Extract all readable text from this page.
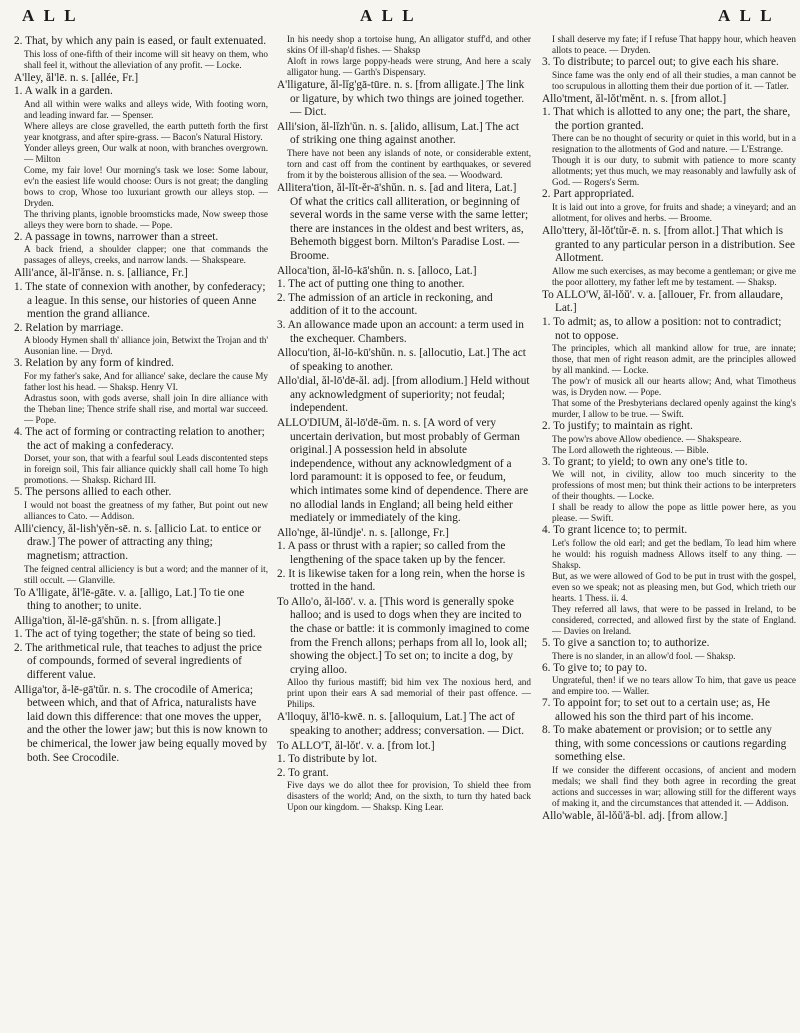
A L L	A L L	A L L

2. That, by which any pain is eased, or fault extenuated.

This loss of one-fifth of their income will sit heavy on them, who shall feel it, without the alleviation of any profit. — Locke.

A'lley, ăl'lē. n. s. [allée, Fr.]

1. A walk in a garden.

And all within were walks and alleys wide, With footing worn, and leading inward far. — Spenser.

Where alleys are close gravelled, the earth putteth forth the first year knotgrass, and after spire-grass. — Bacon's Natural History.

Yonder alleys green, Our walk at noon, with branches overgrown. — Milton

Come, my fair love! Our morning's task we lose: Some labour, ev'n the easiest life would choose: Ours is not great; the dangling bows to crop, Whose too luxuriant growth our alleys stop. — Dryden.

The thriving plants, ignoble broomsticks made, Now sweep those alleys they were born to shade. — Pope.

2. A passage in towns, narrower than a street.

A back friend, a shoulder clapper; one that commands the passages of alleys, creeks, and narrow lands. — Shakspeare.

Alli'ance, ăl-lī'ănse. n. s. [alliance, Fr.]

1. The state of connexion with another, by confederacy; a league. In this sense, our histories of queen Anne mention the grand alliance.

2. Relation by marriage.

A bloody Hymen shall th' alliance join, Betwixt the Trojan and th' Ausonian line. — Dryd.

3. Relation by any form of kindred.

For my father's sake, And for alliance' sake, declare the cause My father lost his head. — Shaksp. Henry VI.

Adrastus soon, with gods averse, shall join In dire alliance with the Theban line; Thence strife shall rise, and mortal war succeed. — Pope.

4. The act of forming or contracting relation to another; the act of making a confederacy.

Dorset, your son, that with a fearful soul Leads discontented steps in foreign soil, This fair alliance quickly shall call home To high promotions. — Shaksp. Richard III.

5. The persons allied to each other.

I would not boast the greatness of my father, But point out new alliances to Cato. — Addison.

Alli'ciency, ăl-lish'yĕn-sē. n. s. [allicio Lat. to entice or draw.] The power of attracting any thing; magnetism; attraction.

The feigned central alliciency is but a word; and the manner of it, still occult. — Glanville.

To A'lligate, ăl'lē-gāte. v. a. [alligo, Lat.] To tie one thing to another; to unite.

Alliga'tion, ăl-lē-gā'shŭn. n. s. [from alligate.]

1. The act of tying together; the state of being so tied.

2. The arithmetical rule, that teaches to adjust the price of compounds, formed of several ingredients of different value.

Alliga'tor, ă-lē-gā'tŭr. n. s. The crocodile of America; between which, and that of Africa, naturalists have laid down this difference: that one moves the upper, and the other the lower jaw; but this is now known to be chimerical, the lower jaw being equally moved by both. See Crocodile.

In his needy shop a tortoise hung, An alligator stuff'd, and other skins Of ill-shap'd fishes. — Shaksp

Aloft in rows large poppy-heads were strung, And here a scaly alligator hung. — Garth's Dispensary.

A'lligature, ăl-lĭg'gā-tūre. n. s. [from alligate.] The link or ligature, by which two things are joined together. — Dict.

Alli'sion, ăl-lĭzh'ŭn. n. s. [alido, allisum, Lat.] The act of striking one thing against another.

There have not been any islands of note, or considerable extent, torn and cast off from the continent by earthquakes, or severed from it by the boisterous allision of the sea. — Woodward.

Allitera'tion, ăl-lĭt-ĕr-ā'shŭn. n. s. [ad and litera, Lat.] Of what the critics call alliteration, or beginning of several words in the same verse with the same letter; there are instances in the oldest and best writers, as, Behemoth biggest born. Milton's Paradise Lost. — Broome.

Alloca'tion, ăl-lō-kā'shŭn. n. s. [alloco, Lat.]

1. The act of putting one thing to another.

2. The admission of an article in reckoning, and addition of it to the account.

3. An allowance made upon an account: a term used in the exchequer. Chambers.

Allocu'tion, ăl-lō-kū'shŭn. n. s. [allocutio, Lat.] The act of speaking to another.

Allo'dial, ăl-lō'dē-ăl. adj. [from allodium.] Held without any acknowledgment of superiority; not feudal; independent.

ALLO'DIUM, ăl-lō'dē-ŭm. n. s. [A word of very uncertain derivation, but most probably of German original.] A possession held in absolute independence, without any acknowledgment of a lord paramount: it is opposed to fee, or feudum, which intimates some kind of dependence. There are no allodial lands in England; all being held either mediately or immediately of the king.

Allo'nge, ăl-lŭndje'. n. s. [allonge, Fr.]

1. A pass or thrust with a rapier; so called from the lengthening of the space taken up by the fencer.

2. It is likewise taken for a long rein, when the horse is trotted in the hand.

To Allo'o, ăl-lōō'. v. a. [This word is generally spoke halloo; and is used to dogs when they are incited to the chase or battle: it is commonly imagined to come from the French allons; perhaps from all lo, look all; showing the object.] To set on; to incite a dog, by crying alloo.

Alloo thy furious mastiff; bid him vex The noxious herd, and print upon their ears A sad memorial of their past offence. — Philips.

A'lloquy, ăl'lō-kwē. n. s. [alloquium, Lat.] The act of speaking to another; address; conversation. — Dict.

To ALLO'T, ăl-lŏt'. v. a. [from lot.]

1. To distribute by lot.

2. To grant.

Five days we do allot thee for provision, To shield thee from disasters of the world; And, on the sixth, to turn thy hated back Upon our kingdom. — Shaksp. King Lear.

I shall deserve my fate; if I refuse That happy hour, which heaven allots to peace. — Dryden.

3. To distribute; to parcel out; to give each his share.

Since fame was the only end of all their studies, a man cannot be too scrupulous in allotting them their due portion of it. — Tatler.

Allo'tment, ăl-lŏt'mĕnt. n. s. [from allot.]

1. That which is allotted to any one; the part, the share, the portion granted.

There can be no thought of security or quiet in this world, but in a resignation to the allotments of God and nature. — L'Estrange.

Though it is our duty, to submit with patience to more scanty allotments; yet thus much, we may reasonably and lawfully ask of God. — Rogers's Serm.

2. Part appropriated.

It is laid out into a grove, for fruits and shade; a vineyard; and an allotment, for olives and herbs. — Broome.

Allo'ttery, ăl-lŏt'tŭr-ē. n. s. [from allot.] That which is granted to any particular person in a distribution. See Allotment.

Allow me such exercises, as may become a gentleman; or give me the poor allottery, my father left me by testament. — Shaksp.

To ALLO'W, ăl-lŏŭ'. v. a. [allouer, Fr. from allaudare, Lat.]

1. To admit; as, to allow a position: not to contradict; not to oppose.

The principles, which all mankind allow for true, are innate; those, that men of right reason admit, are the principles allowed by all mankind. — Locke.

The pow'r of musick all our hearts allow; And, what Timotheus was, is Dryden now. — Pope.

That some of the Presbyterians declared openly against the king's murder, I allow to be true. — Swift.

2. To justify; to maintain as right.

The pow'rs above Allow obedience. — Shakspeare.

The Lord alloweth the righteous. — Bible.

3. To grant; to yield; to own any one's title to.

We will not, in civility, allow too much sincerity to the professions of most men; but think their actions to be interpreters of their thoughts. — Locke.

I shall be ready to allow the pope as little power here, as you please. — Swift.

4. To grant licence to; to permit.

Let's follow the old earl; and get the bedlam, To lead him where he would: his roguish madness Allows itself to any thing. — Shaksp.

But, as we were allowed of God to be put in trust with the gospel, even so we speak; not as pleasing men, but God, which trieth our hearts. 1 Thess. ii. 4.

They referred all laws, that were to be passed in Ireland, to be considered, corrected, and allowed first by the state of England. — Davies on Ireland.

5. To give a sanction to; to authorize.

There is no slander, in an allow'd fool. — Shaksp.

6. To give to; to pay to.

Ungrateful, then! if we no tears allow To him, that gave us peace and empire too. — Waller.

7. To appoint for; to set out to a certain use; as, He allowed his son the third part of his income.

8. To make abatement or provision; or to settle any thing, with some concessions or cautions regarding something else.

If we consider the different occasions, of ancient and modern medals; we shall find they both agree in recording the great actions and successes in war; allowing still for the different ways of making it, and the circumstances that attended it. — Addison.

Allo'wable, ăl-lŏŭ'ă-bl. adj. [from allow.]
